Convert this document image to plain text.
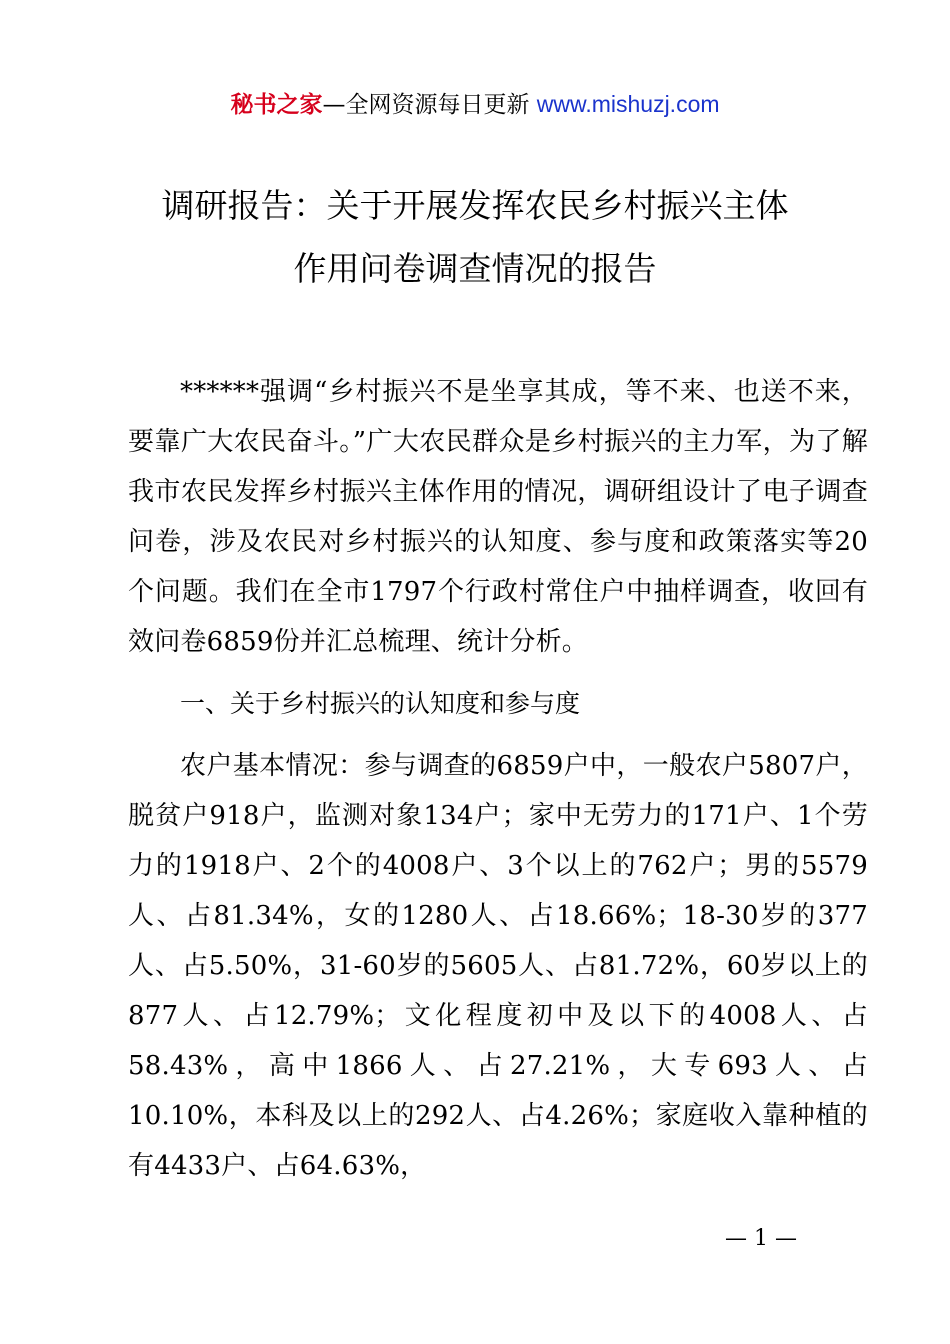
秘书之家—全网资源每日更新 www.mishuzj.com
调研报告：关于开展发挥农民乡村振兴主体
作用问卷调查情况的报告
******强调“乡村振兴不是坐享其成，等不来、也送不来，要靠广大农民奋斗。”广大农民群众是乡村振兴的主力军，为了解我市农民发挥乡村振兴主体作用的情况，调研组设计了电子调查问卷，涉及农民对乡村振兴的认知度、参与度和政策落实等20个问题。我们在全市1797个行政村常住户中抽样调查，收回有效问卷6859份并汇总梳理、统计分析。
一、关于乡村振兴的认知度和参与度
农户基本情况：参与调查的6859户中，一般农户5807户，脱贫户918户，监测对象134户；家中无劳力的171户、1个劳力的1918户、2个的4008户、3个以上的762户；男的5579人、占81.34%，女的1280人、占18.66%；18-30岁的377人、占5.50%，31-60岁的5605人、占81.72%，60岁以上的877人、占12.79%；文化程度初中及以下的4008人、占58.43%，高中1866人、占27.21%，大专693人、占10.10%，本科及以上的292人、占4.26%；家庭收入靠种植的有4433户、占64.63%，
— 1 —
